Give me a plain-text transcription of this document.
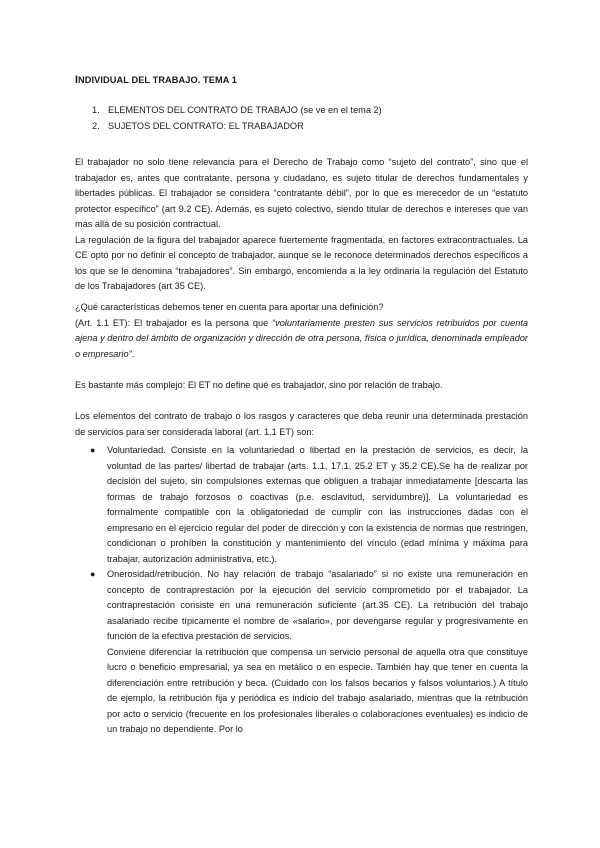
INDIVIDUAL DEL TRABAJO. TEMA 1
1. ELEMENTOS DEL CONTRATO DE TRABAJO (se ve en el tema 2)
2. SUJETOS DEL CONTRATO: EL TRABAJADOR

El trabajador no solo tiene relevancia para el Derecho de Trabajo como “sujeto del contrato”, sino que el trabajador es, antes que contratante, persona y ciudadano, es sujeto titular de derechos fundamentales y libertades públicas. El trabajador se considera “contratante débil”, por lo que es merecedor de un “estatuto protector específico” (art 9.2 CE). Además, es sujeto colectivo, siendo titular de derechos e intereses que van más allá de su posición contractual.

La regulación de la figura del trabajador aparece fuertemente fragmentada, en factores extracontractuales. La CE optó por no definir el concepto de trabajador, aunque se le reconoce determinados derechos específicos a los que se le denomina “trabajadores”. Sin embargo, encomienda a la ley ordinaria la regulación del Estatuto de los Trabajadores (art 35 CE).

¿Qué características debemos tener en cuenta para aportar una definición?

(Art. 1.1 ET): El trabajador es la persona que “voluntariamente presten sus servicios retribuidos por cuenta ajena y dentro del ámbito de organización y dirección de otra persona, física o jurídica, denominada empleador o empresario”.

Es bastante más complejo: El ET no define qué es trabajador, sino por relación de trabajo.

Los elementos del contrato de trabajo o los rasgos y caracteres que deba reunir una determinada prestación de servicios para ser considerada laboral (art. 1.1 ET) son:

●	Voluntariedad. Consiste en la voluntariedad o libertad en la prestación de servicios, es decir, la voluntad de las partes/ libertad de trabajar (arts. 1.1, 17.1, 25.2 ET y 35.2 CE).Se ha de realizar por decisión del sujeto, sin compulsiones externas que obliguen a trabajar inmediatamente [descarta las formas de trabajo forzosos o coactivas (p.e. esclavitud, servidumbre)]. La voluntariedad es formalmente compatible con la obligatoriedad de cumplir con las instrucciones dadas con el empresario en el ejercicio regular del poder de dirección y con la existencia de normas que restringen, condicionan o prohíben la constitución y mantenimiento del vínculo (edad mínima y máxima para trabajar, autorización administrativa, etc.).

●	Onerosidad/retribución. No hay relación de trabajo “asalariado” si no existe una remuneración en concepto de contraprestación por la ejecución del servicio comprometido por el trabajador. La contraprestación consiste en una remuneración suficiente (art.35 CE). La retribución del trabajo asalariado recibe típicamente el nombre de «salario», por devengarse regular y progresivamente en función de la efectiva prestación de servicios.

Conviene diferenciar la retribución que compensa un servicio personal de aquella otra que constituye lucro o beneficio empresarial, ya sea en metálico o en especie. También hay que tener en cuenta la diferenciación entre retribución y beca. (Cuidado con los falsos becarios y falsos voluntarios.) A título de ejemplo, la retribución fija y periódica es indicio del trabajo asalariado, mientras que la retribución por acto o servicio (frecuente en los profesionales liberales o colaboraciones eventuales) es indicio de un trabajo no dependiente. Por lo
